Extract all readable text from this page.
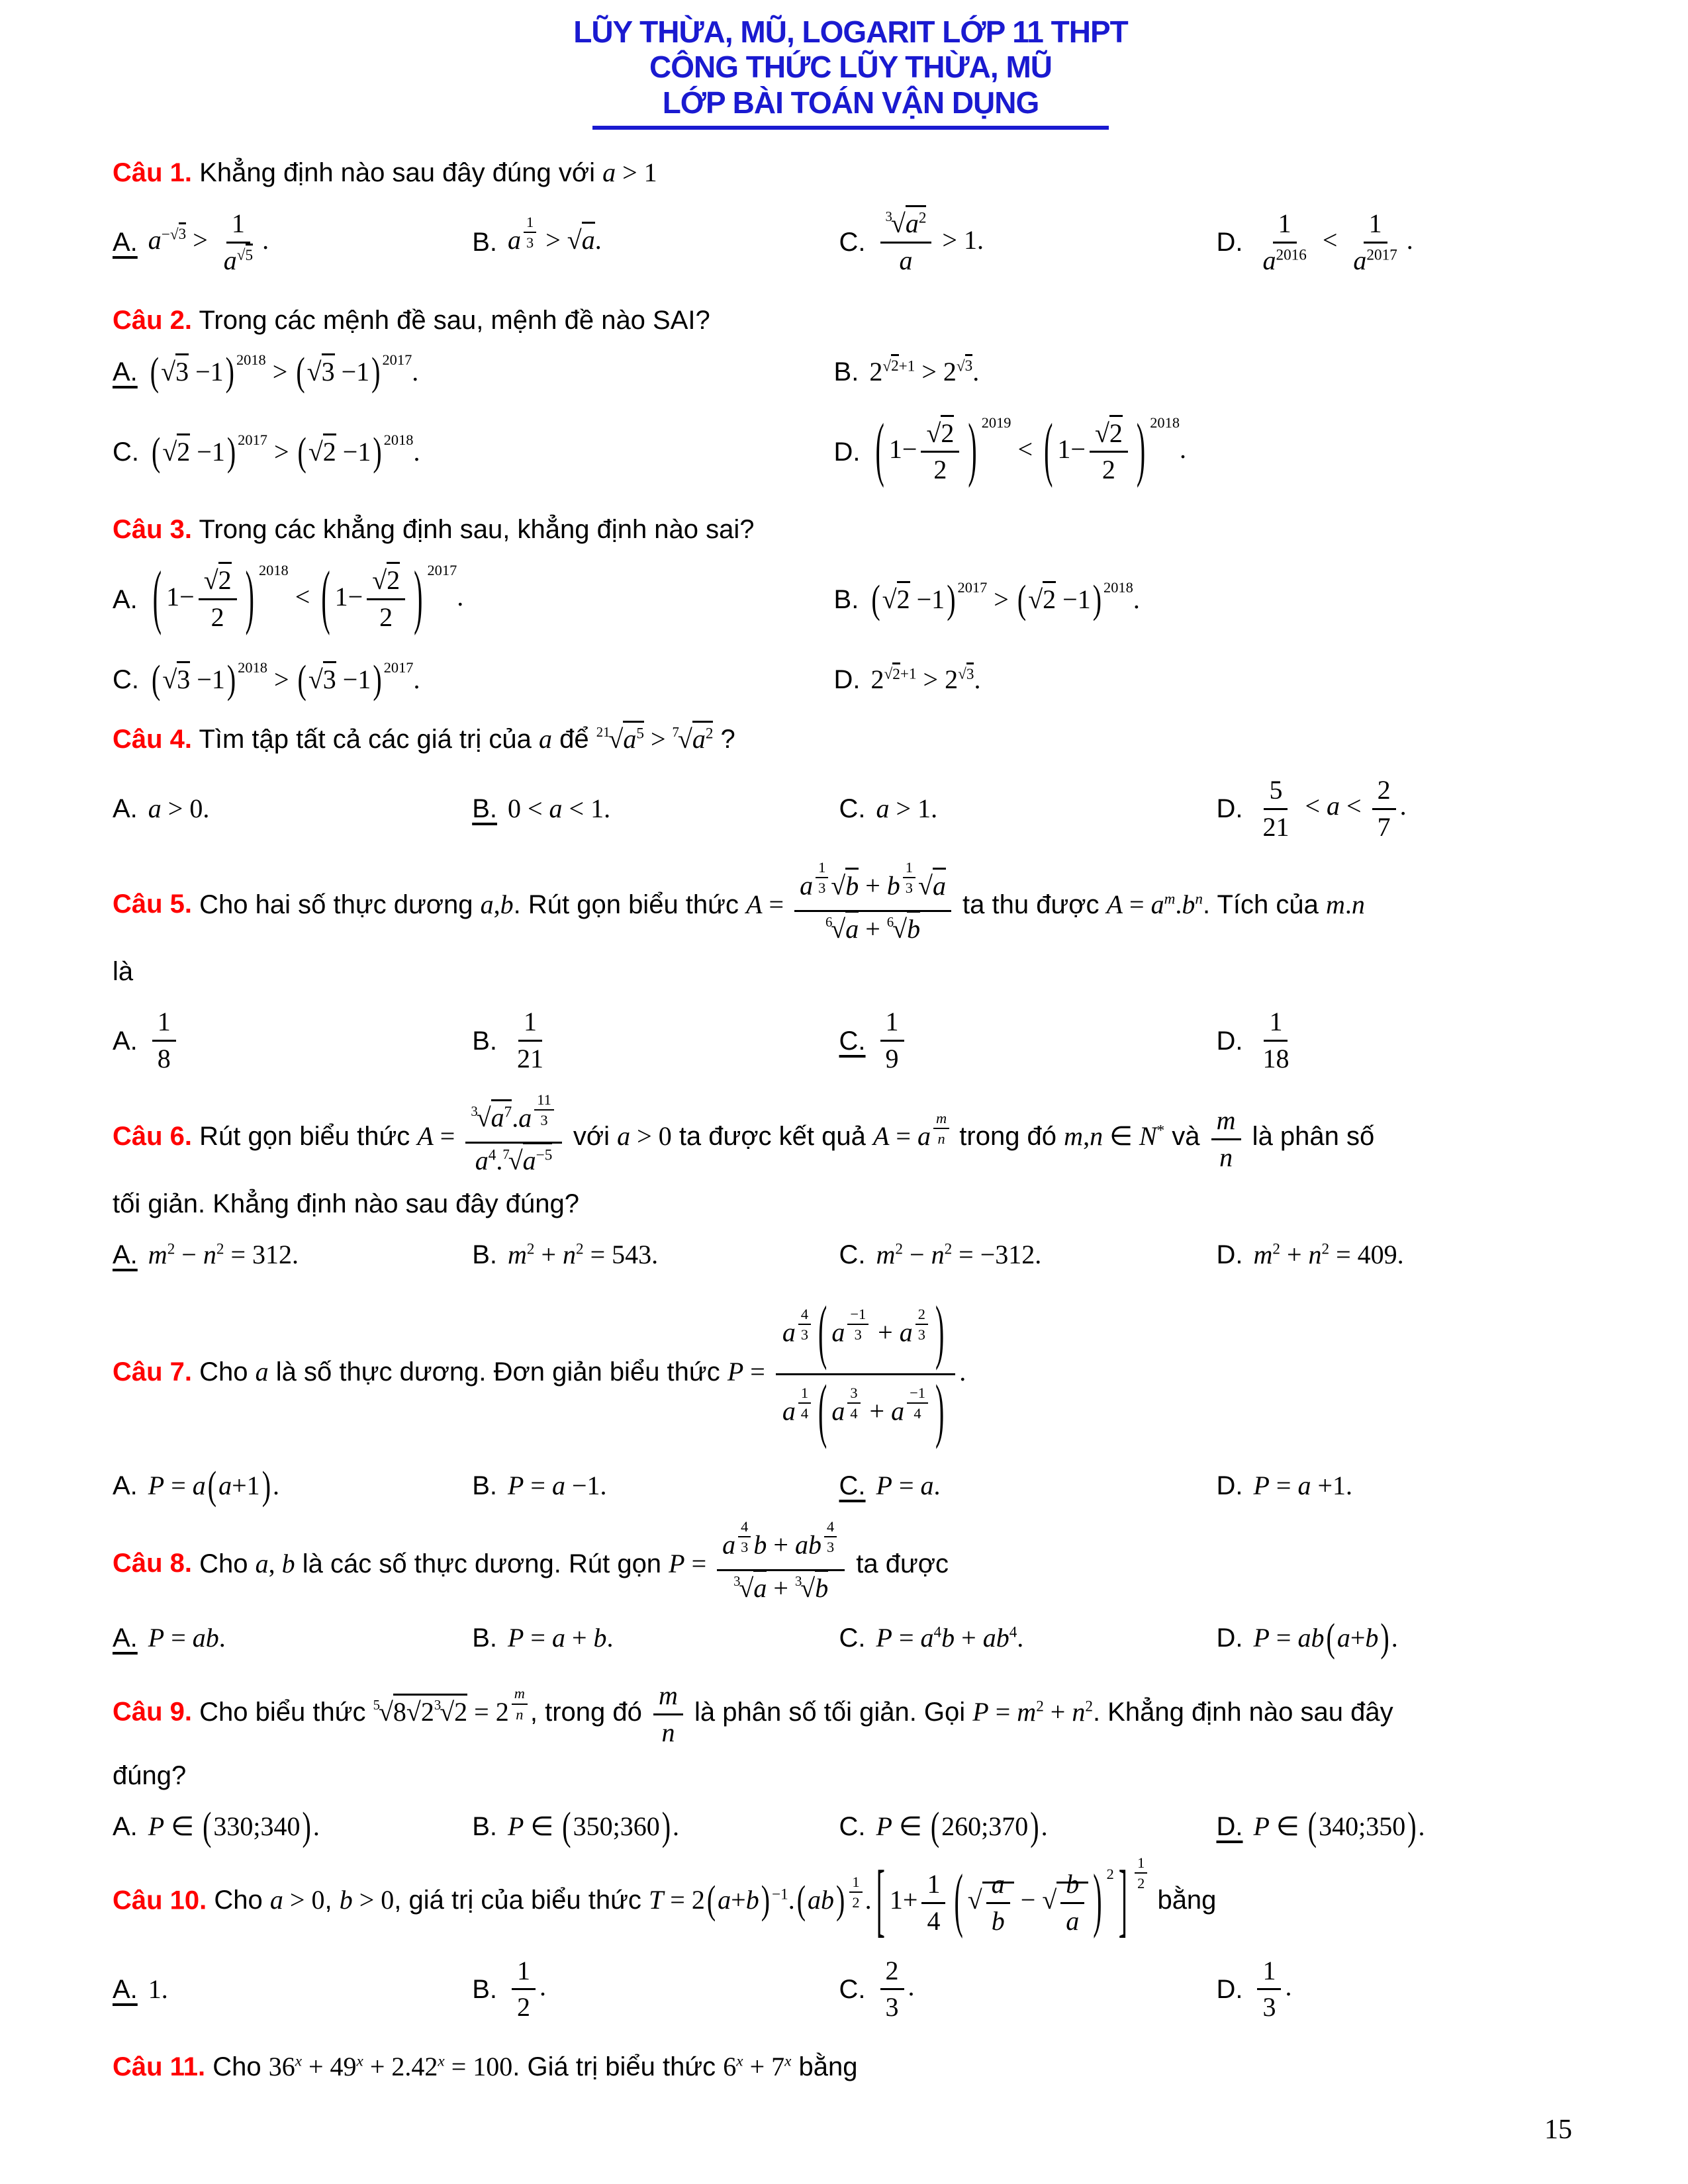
LŨY THỪA, MŨ, LOGARIT LỚP 11 THPT
CÔNG THỨC LŨY THỪA, MŨ
LỚP BÀI TOÁN VẬN DỤNG
Câu 1. Khẳng định nào sau đây đúng với a > 1
A. $a^{-√3} > \frac{1}{a^{√5}}$ .	B. a $\frac{1}{3} > √a$.	C. $\frac{^3√a^2}{a} > 1$.	D. $\frac{1}{a^{2016}} < \frac{1}{a^{2017}}$ .
Câu 2. Trong các mệnh đề sau, mệnh đề nào SAI?
A. (√3 −1) 2018 > (√3 −1) 2017.	B. $2^{√2+1} > 2^{√3}$.
C. (√2 −1) 2017 > (√2 −1) 2018.	D. ( $1- \frac{√2}{2}$ ) 2019 < ( $1- \frac{√2}{2}$ ) 2018.
Câu 3. Trong các khẳng định sau, khẳng định nào sai?
A. ( $1- \frac{√2}{2}$ ) 2018 < ( $1- \frac{√2}{2}$ ) 2017.	B. (√2 −1) 2017 > (√2 −1) 2018.
C. (√3 −1) 2018 > (√3 −1) 2017.	D. $2^{√2+1} > 2^{√3}$.
Câu 4. Tìm tập tất cả các giá trị của a để $^{21}√a^5 > ^7√a^2$ ?
A. a > 0.	B. 0 < a < 1.	C. a > 1.	D. $\frac{5}{21} < a < \frac{2}{7}$ .
Câu 5. Cho hai số thực dương a,b. Rút gọn biểu thức $A = \frac{a \frac{1}{3} √b + b \frac{1}{3} √a}{^6√a + ^6√b}$ ta thu được $A = a^m.b^n$. Tích của m.n
là
A. $\frac{1}{8}$	B. $\frac{1}{21}$	C. $\frac{1}{9}$	D. $\frac{1}{18}$
Câu 6. Rút gọn biểu thức $A = \frac{^3√a^7.a \frac{11}{3}}{a^4.^7√a^{-5}}$ với a > 0 ta được kết quả A = a $\frac{m}{n}$ trong đó m,n ∈ N* và $\frac{m}{n}$ là phân số
tối giản. Khẳng định nào sau đây đúng?
A. $m^2 - n^2 = 312$.	B. $m^2 + n^2 = 543$.	C. $m^2 - n^2 = -312$.	D. $m^2 + n^2 = 409$.
Câu 7. Cho a là số thực dương. Đơn giản biểu thức $P = \frac{a \frac{4}{3} ( a \frac{-1}{3} + a \frac{2}{3} )}{a \frac{1}{4} ( a \frac{3}{4} + a \frac{-1}{4} )}$ .
A. P = a(a+1).	B. P = a −1.	C. P = a.	D. P = a +1.
Câu 8. Cho a, b là các số thực dương. Rút gọn $P = \frac{a \frac{4}{3} b + ab \frac{4}{3}}{^3√a + ^3√b}$ ta được
A. P = ab.	B. P = a + b.	C. $P = a^4b + ab^4$.	D. P = ab(a+b).
Câu 9. Cho biểu thức $^5√8√2^3√2 = 2 \frac{m}{n}$ , trong đó $\frac{m}{n}$ là phân số tối giản. Gọi $P = m^2 + n^2$. Khẳng định nào sau đây
đúng?
A. P ∈ (330;340).	B. P ∈ (350;360).	C. P ∈ (260;370).	D. P ∈ (340;350).
Câu 10. Cho a > 0, b > 0, giá trị của biểu thức T = 2(a+b) $^{-1}.(ab) \frac{1}{2}$ . [ $1+ \frac{1}{4}$ ( √ $\frac{a}{b}$ − √ $\frac{b}{a}$ ) 2 ] $\frac{1}{2}$
bằng
A. 1.	B. $\frac{1}{2}$ .	C. $\frac{2}{3}$ .	D. $\frac{1}{3}$ .
Câu 11. Cho $36^x + 49^x + 2.42^x = 100$. Giá trị biểu thức $6^x + 7^x$ bằng
15
